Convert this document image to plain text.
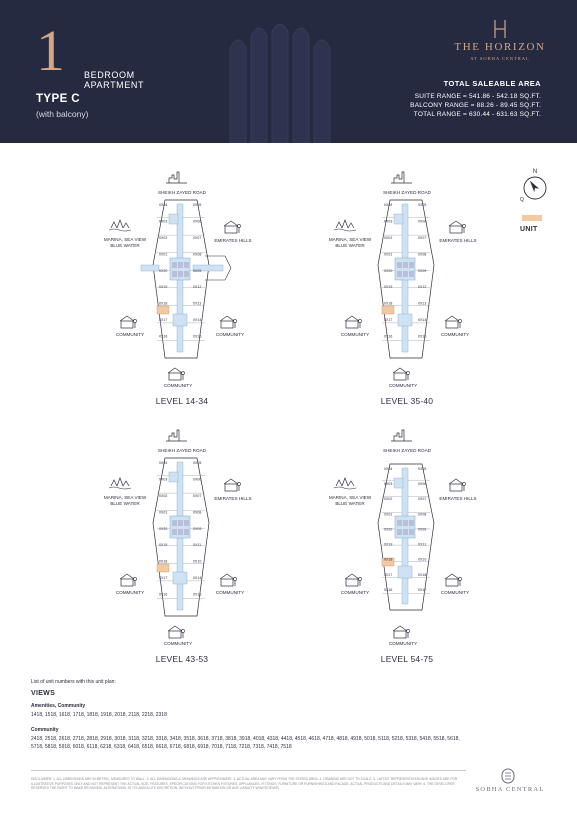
1 BEDROOM
APARTMENT
TYPE C
(with balcony)
THE HORIZON
AT SOBHA CENTRAL
TOTAL SALEABLE AREA
SUITE RANGE = 541.86 - 542.18 SQ.FT.
BALCONY RANGE = 88.26 - 89.45 SQ.FT.
TOTAL RANGE = 630.44 - 631.63 SQ.FT.
SHEIKH ZAYED ROAD
MARINA, SEA VIEW
BLUE WATER
EMIRATES HILLS
COMMUNITY	COMMUNITY
COMMUNITY
XX04	XX05
XX03	XX06
XX02	XX07
XX01	XX08
XX20	XX09
XX19	XX12
XX18	XX13
XX17	XX14
XX16	XX15
LEVEL 14-34
SHEIKH ZAYED ROAD
MARINA, SEA VIEW
BLUE WATER
EMIRATES HILLS
COMMUNITY	COMMUNITY
COMMUNITY
XX04	XX05
XX03	XX06
XX02	XX07
XX01	XX08
XX20	XX09
XX19	XX12
XX18	XX13
XX17	XX14
XX16	XX15
LEVEL 35-40
SHEIKH ZAYED ROAD
MARINA, SEA VIEW
BLUE WATER
EMIRATES HILLS
COMMUNITY	COMMUNITY
COMMUNITY
XX04	XX05
XX03	XX06
XX02	XX07
XX01	XX08
XX20	XX09
XX19	XX11
XX18	XX10
XX17	XX14
XX16	XX15
LEVEL 43-53
SHEIKH ZAYED ROAD
MARINA, SEA VIEW
BLUE WATER
EMIRATES HILLS
COMMUNITY	COMMUNITY
COMMUNITY
XX04	XX05
XX03	XX06
XX02	XX07
XX01	XX08
XX20	XX09
XX19	XX11
XX18	XX10
XX17	XX16
XX16	XX17
LEVEL 54-75
N
Q
UNIT
List of unit numbers with this unit plan:
VIEWS
Amenities, Community
1418, 1518, 1618, 1718, 1818, 1918, 2018, 2118, 2218, 2318
Community
2418, 2518, 2618, 2718, 2818, 2918, 3018, 3118, 3218, 3318, 3418, 3518, 3618, 3718, 3818, 3918, 4018, 4318, 4418, 4518, 4618, 4718, 4818, 4918, 5018, 5118, 5218, 5318, 5418, 5518, 5618, 5718, 5818, 5918, 6018, 6118, 6218, 6318, 6418, 6518, 6618, 6718, 6818, 6918, 7018, 7118, 7218, 7318, 7418, 7518
DISCLAIMER: 1. ALL DIMENSIONS ARE IN METRIC, MEASURES TO WALL. 2. ALL DIMENSIONS & DRAWINGS ARE APPROXIMATE. 3. ACTUAL AREA MAY VARY FROM THE STATED AREA. 4. DRAWING ARE NOT TO SCALE. 5. LAYOUT REPRESENTATION AND IMAGES ARE FOR ILLUSTRATIVE PURPOSES ONLY AND NOT REPRESENT THE ACTUAL SIZE, FEATURES, SPECIFICATIONS FOR KITCHEN FIXTURES, APPLIANCES, FITTINGS, FURNITURE OR FURNISHINGS AND FACADE. ACTUAL PRODUCTS AND DETAILS MAY VARY. 6. THE DEVELOPER RESERVES THE RIGHT TO MAKE REVISIONS, ALTERATIONS, AT ITS ABSOLUTE DISCRETION, WITHOUT PRIOR INTIMATION OR ANY LIABILITY WHATSOEVER.	SOBHA CENTRAL
